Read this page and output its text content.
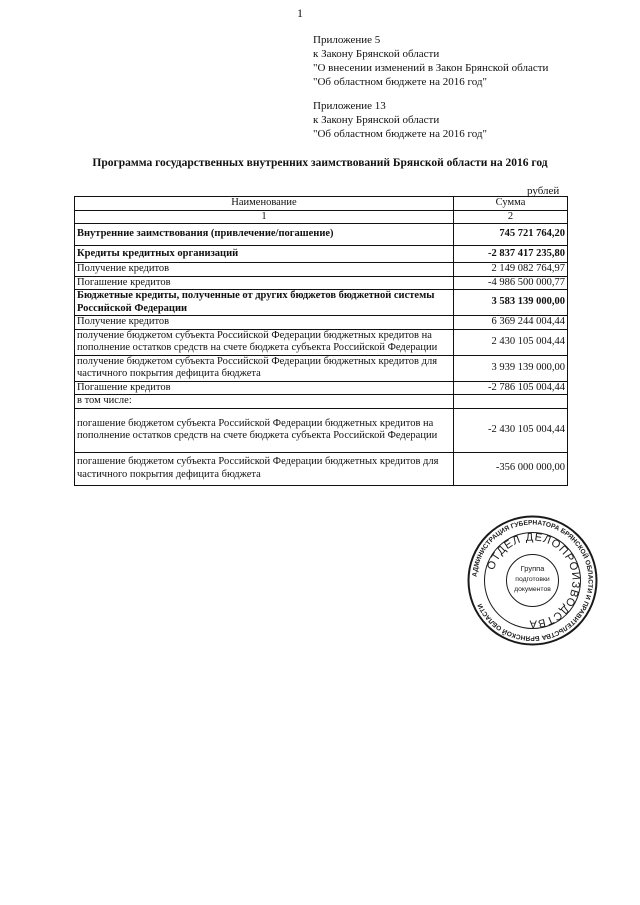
1
Приложение 5
к Закону Брянской области
"О внесении изменений в Закон Брянской области
"Об областном бюджете на 2016 год"
Приложение 13
к Закону Брянской области
"Об областном бюджете на 2016 год"
Программа государственных внутренних заимствований Брянской области на 2016 год
рублей
Наименование	Сумма
1	2
Внутренние заимствования (привлечение/погашение)	745 721 764,20
Кредиты кредитных организаций	-2 837 417 235,80
Получение кредитов	2 149 082 764,97
Погашение кредитов	-4 986 500 000,77
Бюджетные кредиты, полученные от других бюджетов бюджетной системы Российской Федерации	3 583 139 000,00
Получение кредитов	6 369 244 004,44
получение бюджетом субъекта Российской Федерации бюджетных кредитов на пополнение остатков средств на счете бюджета субъекта Российской Федерации	2 430 105 004,44
получение бюджетом субъекта Российской Федерации бюджетных кредитов для частичного покрытия дефицита бюджета	3 939 139 000,00
Погашение кредитов	-2 786 105 004,44
в том числе:	
погашение бюджетом субъекта Российской Федерации бюджетных кредитов на пополнение остатков средств на счете бюджета субъекта Российской Федерации	-2 430 105 004,44
погашение бюджетом субъекта Российской Федерации бюджетных кредитов для частичного покрытия дефицита бюджета	-356 000 000,00
АДМИНИСТРАЦИЯ ГУБЕРНАТОРА БРЯНСКОЙ ОБЛАСТИ И ПРАВИТЕЛЬСТВА БРЯНСКОЙ ОБЛАСТИ
ОТДЕЛ ДЕЛОПРОИЗВОДСТВА
Группа
подготовки
документов
